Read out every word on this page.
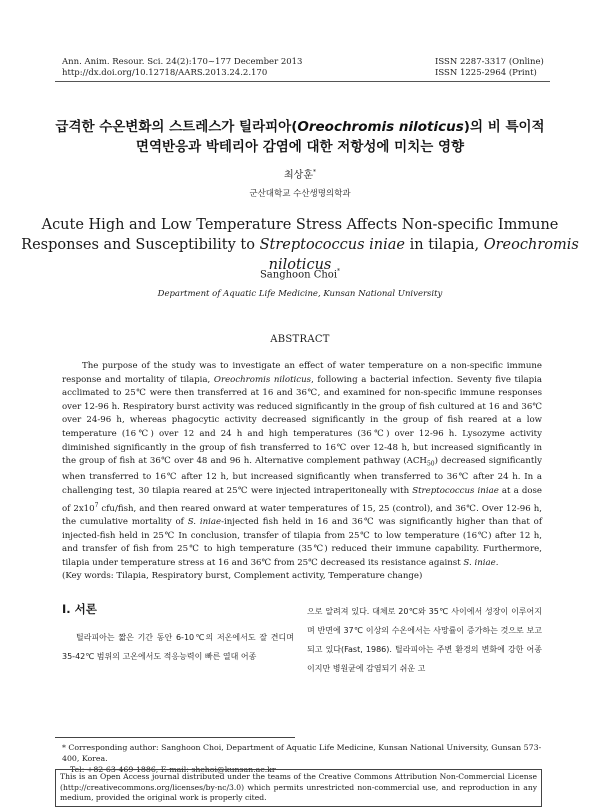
Ann. Anim. Resour. Sci. 24(2):170~177 December 2013
http://dx.doi.org/10.12718/AARS.2013.24.2.170
ISSN 2287-3317 (Online)
ISSN 1225-2964 (Print)
급격한 수온변화의 스트레스가 틸라피아(Oreochromis niloticus)의 비 특이적
면역반응과 박테리아 감염에 대한 저항성에 미치는 영향
최상훈*
군산대학교 수산생명의학과
Acute High and Low Temperature Stress Affects Non-specific Immune
Responses and Susceptibility to Streptococcus iniae in tilapia, Oreochromis niloticus
Sanghoon Choi*
Department of Aquatic Life Medicine, Kunsan National University
ABSTRACT

The purpose of the study was to investigate an effect of water temperature on a non-specific immune response and mortality of tilapia, Oreochromis niloticus, following a bacterial infection. Seventy five tilapia acclimated to 25℃ were then transferred at 16 and 36℃, and examined for non-specific immune responses over 12-96 h. Respiratory burst activity was reduced significantly in the group of fish cultured at 16 and 36℃ over 24-96 h, whereas phagocytic activity decreased significantly in the group of fish reared at a low temperature (16℃) over 12 and 24 h and high temperatures (36℃) over 12-96 h. Lysozyme activity diminished significantly in the group of fish transferred to 16℃ over 12-48 h, but increased significantly in the group of fish at 36℃ over 48 and 96 h. Alternative complement pathway $(ACH_{50})$ decreased significantly when transferred to 16℃ after 12 h, but increased significantly when transferred to 36℃ after 24 h. In a challenging test, 30 tilapia reared at 25℃ were injected intraperitoneally with Streptococcus iniae at a dose of $2x10^7$ cfu/fish, and then reared onward at water temperatures of 15, 25 (control), and 36℃. Over 12-96 h, the cumulative mortality of S. iniae-injected fish held in 16 and 36℃ was significantly higher than that of injected-fish held in 25℃ In conclusion, transfer of tilapia from 25℃ to low temperature (16℃) after 12 h, and transfer of fish from 25℃ to high temperature (35℃) reduced their immune capability. Furthermore, tilapia under temperature stress at 16 and 36℃ from 25℃ decreased its resistance against S. iniae.

(Key words: Tilapia, Respiratory burst, Complement activity, Temperature change)

I. 서론

틸라피아는 짧은 기간 동안 6-10℃의 저온에서도 잘 견디며 35-42℃ 범위의 고온에서도 적응능력이 빠른 열대 어종

으로 알려져 있다. 대체로 20℃와 35℃ 사이에서 성장이 이루어지며 반면에 37℃ 이상의 수온에서는 사망률이 증가하는 것으로 보고되고 있다(Fast, 1986). 틸라피아는 주변 환경의 변화에 강한 어종이지만 병원균에 감염되기 쉬운 고

* Corresponding author: Sanghoon Choi, Department of Aquatic Life Medicine, Kunsan National University, Gunsan 573-400, Korea.

Tel: +82-63-469-1886, E-mail: shchoi@kunsan.ac.kr

This is an Open Access journal distributed under the teams of the Creative Commons Attribution Non-Commercial License (http://creativecommons.org/licenses/by-nc/3.0) which permits unrestricted non-commercial use, and reproduction in any medium, provided the original work is properly cited.
